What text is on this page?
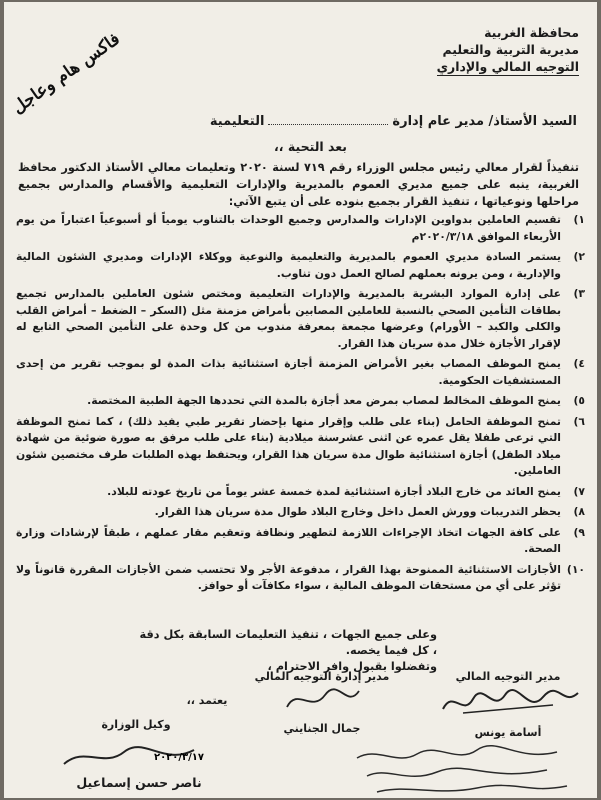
محافظة الغربية
مديرية التربية والتعليم
التوجيه المالي والإداري
فاكس هام وعاجل
السيد الأستاذ/ مدير عام إدارةالتعليمية
بعد التحية ،،
تنفيذاً لقرار معالي رئيس مجلس الوزراء رقم ٧١٩ لسنة ٢٠٢٠ وتعليمات معالي الأستاذ الدكتور محافظ الغربية، ينبه على جميع مديري العموم بالمديرية والإدارات التعليمية والأقسام والمدارس بجميع مراحلها ونوعياتها ، تنفيذ القرار بجميع بنوده على أن يتبع الآتي:
١)
تقسيم العاملين بدواوين الإدارات والمدارس وجميع الوحدات بالتناوب يومياً أو أسبوعياً اعتباراً من يوم الأربعاء الموافق ٢٠٢٠/٣/١٨م
٢)
يستمر السادة مديري العموم بالمديرية والتعليمية والنوعية ووكلاء الإدارات ومديري الشئون المالية والإدارية ، ومن يرونه بعملهم لصالح العمل دون تناوب.
٣)
على إدارة الموارد البشرية بالمديرية والإدارات التعليمية ومختص شئون العاملين بالمدارس تجميع بطاقات التأمين الصحي بالنسبة للعاملين المصابين بأمراض مزمنة مثل (السكر – الضغط – أمراض القلب والكلى والكبد – الأورام) وعرضها مجمعة بمعرفة مندوب من كل وحدة على التأمين الصحي التابع له لإقرار الأجازة خلال مدة سريان هذا القرار.
٤)
يمنح الموظف المصاب بغير الأمراض المزمنة أجازة استثنائية بذات المدة لو بموجب تقرير من إحدى المستشفيات الحكومية.
٥)
يمنح الموظف المخالط لمصاب بمرض معد أجازة بالمدة التي تحددها الجهة الطبية المختصة.
٦)
تمنح الموظفة الحامل (بناء على طلب وإقرار منها بإحضار تقرير طبي يفيد ذلك) ، كما تمنح الموظفة التي ترعى طفلا يقل عمره عن اثنى عشرسنة ميلادية (بناء على طلب مرفق به صورة ضوئية من شهادة ميلاد الطفل) أجازة استثنائية طوال مدة سريان هذا القرار، ويحتفظ بهذه الطلبات طرف مختصين شئون العاملين.
٧)
يمنح العائد من خارج البلاد أجازة استثنائية لمدة خمسة عشر يوماً من تاريخ عودته للبلاد.
٨)
يحظر التدريبات وورش العمل داخل وخارج البلاد طوال مدة سريان هذا القرار.
٩)
على كافة الجهات اتخاذ الإجراءات اللازمة لتطهير ونظافة وتعقيم مقار عملهم ، طبقاً لإرشادات وزارة الصحة.
١٠)
الأجازات الاستثنائية الممنوحة بهذا القرار ، مدفوعة الأجر ولا تحتسب ضمن الأجازات المقررة قانوناً ولا تؤثر على أي من مستحقات الموظف المالية ، سواء مكافآت أو حوافز.
وعلى جميع الجهات ، تنفيذ التعليمات السابقة بكل دقة ، كل فيما يخصه.
وتفضلوا بقبول وافر الاحترام ،
مدير التوجيه المالي
أسامة يونس
مدير إدارة التوجيه المالي
جمال الجنايني
يعتمد ،،
وكيل الوزارة
٢٠٢٠/٣/١٧
ناصر حسن إسماعيل
